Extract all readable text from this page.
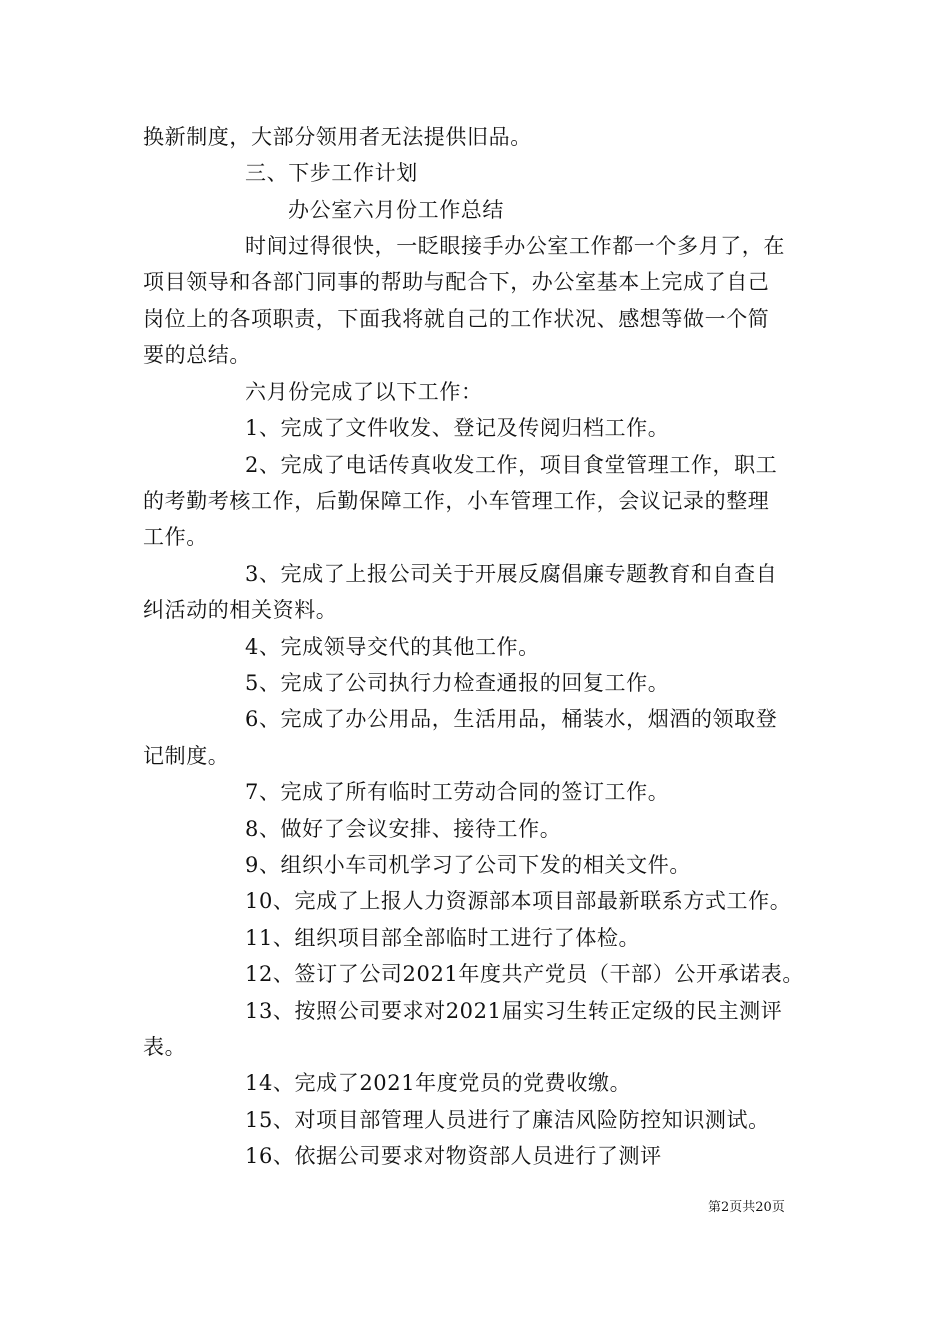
换新制度，大部分领用者无法提供旧品。
三、下步工作计划
办公室六月份工作总结
时间过得很快，一眨眼接手办公室工作都一个多月了，在
项目领导和各部门同事的帮助与配合下，办公室基本上完成了自己
岗位上的各项职责，下面我将就自己的工作状况、感想等做一个简
要的总结。
六月份完成了以下工作：
1、完成了文件收发、登记及传阅归档工作。
2、完成了电话传真收发工作，项目食堂管理工作，职工
的考勤考核工作，后勤保障工作，小车管理工作，会议记录的整理
工作。
3、完成了上报公司关于开展反腐倡廉专题教育和自查自
纠活动的相关资料。
4、完成领导交代的其他工作。
5、完成了公司执行力检查通报的回复工作。
6、完成了办公用品，生活用品，桶装水，烟酒的领取登
记制度。
7、完成了所有临时工劳动合同的签订工作。
8、做好了会议安排、接待工作。
9、组织小车司机学习了公司下发的相关文件。
10、完成了上报人力资源部本项目部最新联系方式工作。
11、组织项目部全部临时工进行了体检。
12、签订了公司2021年度共产党员（干部）公开承诺表。
13、按照公司要求对2021届实习生转正定级的民主测评
表。
14、完成了2021年度党员的党费收缴。
15、对项目部管理人员进行了廉洁风险防控知识测试。
16、依据公司要求对物资部人员进行了测评
第2页共20页
